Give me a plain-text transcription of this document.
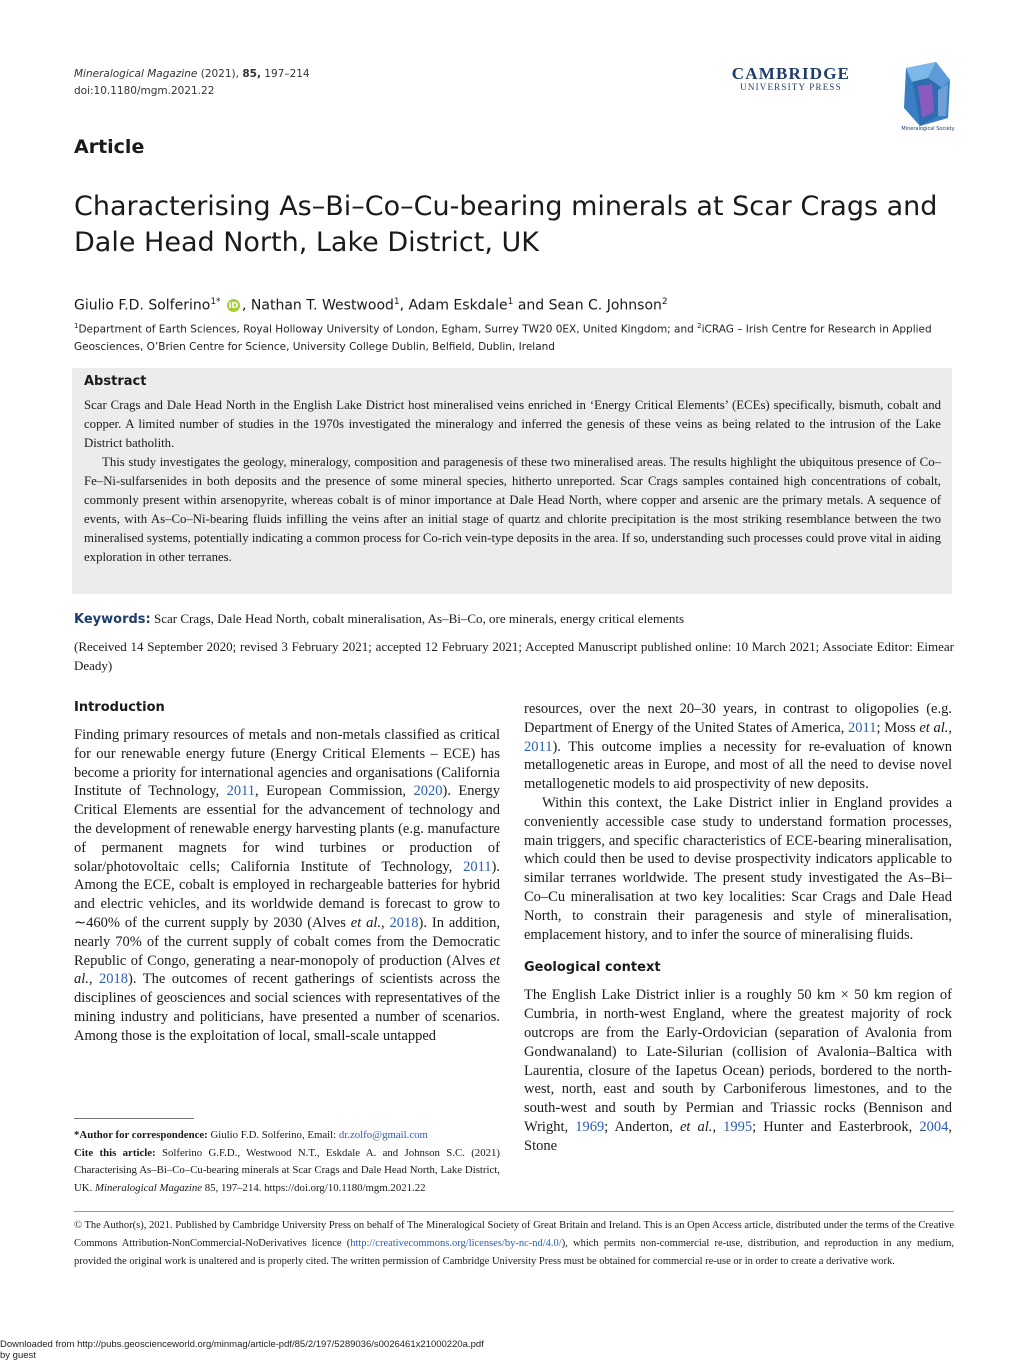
Mineralogical Magazine (2021), 85, 197–214
doi:10.1180/mgm.2021.22
CAMBRIDGE
UNIVERSITY PRESS
Mineralogical Society
Article
Characterising As–Bi–Co–Cu-bearing minerals at Scar Crags and Dale Head North, Lake District, UK
Giulio F.D. Solferino$^{1*}$ iD , Nathan T. Westwood$^1$, Adam Eskdale$^1$ and Sean C. Johnson$^2$
$^1$Department of Earth Sciences, Royal Holloway University of London, Egham, Surrey TW20 0EX, United Kingdom; and $^2$iCRAG – Irish Centre for Research in Applied Geosciences, O’Brien Centre for Science, University College Dublin, Belfield, Dublin, Ireland
Abstract

Scar Crags and Dale Head North in the English Lake District host mineralised veins enriched in ‘Energy Critical Elements’ (ECEs) specifically, bismuth, cobalt and copper. A limited number of studies in the 1970s investigated the mineralogy and inferred the genesis of these veins as being related to the intrusion of the Lake District batholith.

This study investigates the geology, mineralogy, composition and paragenesis of these two mineralised areas. The results highlight the ubiquitous presence of Co–Fe–Ni-sulfarsenides in both deposits and the presence of some mineral species, hitherto unreported. Scar Crags samples contained high concentrations of cobalt, commonly present within arsenopyrite, whereas cobalt is of minor importance at Dale Head North, where copper and arsenic are the primary metals. A sequence of events, with As–Co–Ni-bearing fluids infilling the veins after an initial stage of quartz and chlorite precipitation is the most striking resemblance between the two mineralised systems, potentially indicating a common process for Co-rich vein-type deposits in the area. If so, understanding such processes could prove vital in aiding exploration in other terranes.

Keywords: Scar Crags, Dale Head North, cobalt mineralisation, As–Bi–Co, ore minerals, energy critical elements
(Received 14 September 2020; revised 3 February 2021; accepted 12 February 2021; Accepted Manuscript published online: 10 March 2021; Associate Editor: Eimear Deady)
Introduction

Finding primary resources of metals and non-metals classified as critical for our renewable energy future (Energy Critical Elements – ECE) has become a priority for international agencies and organisations (California Institute of Technology, 2011, European Commission, 2020). Energy Critical Elements are essential for the advancement of technology and the development of renewable energy harvesting plants (e.g. manufacture of permanent magnets for wind turbines or production of solar/photovoltaic cells; California Institute of Technology, 2011). Among the ECE, cobalt is employed in rechargeable batteries for hybrid and electric vehicles, and its worldwide demand is forecast to grow to ∼460% of the current supply by 2030 (Alves et al., 2018). In addition, nearly 70% of the current supply of cobalt comes from the Democratic Republic of Congo, generating a near-monopoly of production (Alves et al., 2018). The outcomes of recent gatherings of scientists across the disciplines of geosciences and social sciences with representatives of the mining industry and politicians, have presented a number of scenarios. Among those is the exploitation of local, small-scale untapped

*Author for correspondence: Giulio F.D. Solferino, Email: dr.zolfo@gmail.com
Cite this article: Solferino G.F.D., Westwood N.T., Eskdale A. and Johnson S.C. (2021) Characterising As–Bi–Co–Cu-bearing minerals at Scar Crags and Dale Head North, Lake District, UK. Mineralogical Magazine 85, 197–214. https://doi.org/10.1180/mgm.2021.22

resources, over the next 20–30 years, in contrast to oligopolies (e.g. Department of Energy of the United States of America, 2011; Moss et al., 2011). This outcome implies a necessity for re-evaluation of known metallogenetic areas in Europe, and most of all the need to devise novel metallogenetic models to aid prospectivity of new deposits.

Within this context, the Lake District inlier in England provides a conveniently accessible case study to understand formation processes, main triggers, and specific characteristics of ECE-bearing mineralisation, which could then be used to devise prospectivity indicators applicable to similar terranes worldwide. The present study investigated the As–Bi–Co–Cu mineralisation at two key localities: Scar Crags and Dale Head North, to constrain their paragenesis and style of mineralisation, emplacement history, and to infer the source of mineralising fluids.

Geological context

The English Lake District inlier is a roughly 50 km × 50 km region of Cumbria, in north-west England, where the greatest majority of rock outcrops are from the Early-Ordovician (separation of Avalonia from Gondwanaland) to Late-Silurian (collision of Avalonia–Baltica with Laurentia, closure of the Iapetus Ocean) periods, bordered to the north-west, north, east and south by Carboniferous limestones, and to the south-west and south by Permian and Triassic rocks (Bennison and Wright, 1969; Anderton, et al., 1995; Hunter and Easterbrook, 2004, Stone

© The Author(s), 2021. Published by Cambridge University Press on behalf of The Mineralogical Society of Great Britain and Ireland. This is an Open Access article, distributed under the terms of the Creative Commons Attribution-NonCommercial-NoDerivatives licence (http://creativecommons.org/licenses/by-nc-nd/4.0/), which permits non-commercial re-use, distribution, and reproduction in any medium, provided the original work is unaltered and is properly cited. The written permission of Cambridge University Press must be obtained for commercial re-use or in order to create a derivative work.
Downloaded from http://pubs.geoscienceworld.org/minmag/article-pdf/85/2/197/5289036/s0026461x21000220a.pdf
by guest
